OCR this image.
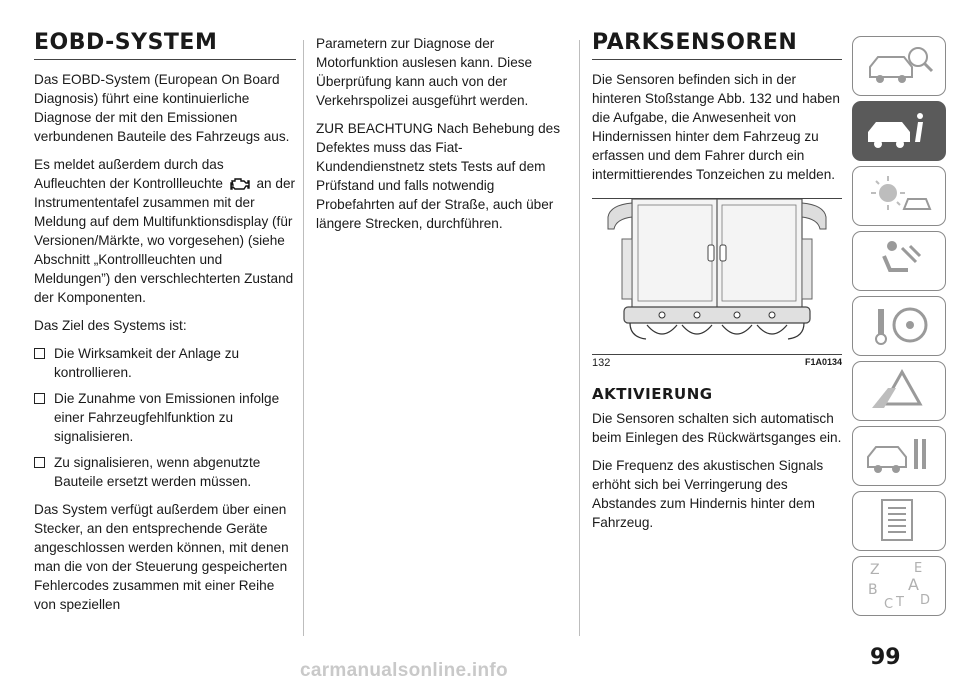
EOBD-SYSTEM

Das EOBD-System (European On Board Diagnosis) führt eine kontinuierliche Diagnose der mit den Emissionen verbundenen Bauteile des Fahrzeugs aus.

Es meldet außerdem durch das Aufleuchten der Kontrollleuchte an der Instrumententafel zusammen mit der Meldung auf dem Multifunktionsdisplay (für Versionen/Märkte, wo vorgesehen) (siehe Abschnitt „Kontrollleuchten und Meldungen”) den verschlechterten Zustand der Komponenten.

Das Ziel des Systems ist:

Die Wirksamkeit der Anlage zu kontrollieren.
Die Zunahme von Emissionen infolge einer Fahrzeugfehlfunktion zu signalisieren.
Zu signalisieren, wenn abgenutzte Bauteile ersetzt werden müssen.

Das System verfügt außerdem über einen Stecker, an den entsprechende Geräte angeschlossen werden können, mit denen man die von der Steuerung gespeicherten Fehlercodes zusammen mit einer Reihe von speziellen

Parametern zur Diagnose der Motorfunktion auslesen kann. Diese Überprüfung kann auch von der Verkehrspolizei ausgeführt werden.

ZUR BEACHTUNG Nach Behebung des Defektes muss das Fiat-Kundendienstnetz stets Tests auf dem Prüfstand und falls notwendig Probefahrten auf der Straße, auch über längere Strecken, durchführen.

PARKSENSOREN

Die Sensoren befinden sich in der hinteren Stoßstange Abb. 132 und haben die Aufgabe, die Anwesenheit von Hindernissen hinter dem Fahrzeug zu erfassen und dem Fahrer durch ein intermittierendes Tonzeichen zu melden.

132	F1A0134
AKTIVIERUNG

Die Sensoren schalten sich automatisch beim Einlegen des Rückwärtsganges ein.

Die Frequenz des akustischen Signals erhöht sich bei Verringerung des Abstandes zum Hindernis hinter dem Fahrzeug.

Z	E
B A
C T D
99
carmanualsonline.info
